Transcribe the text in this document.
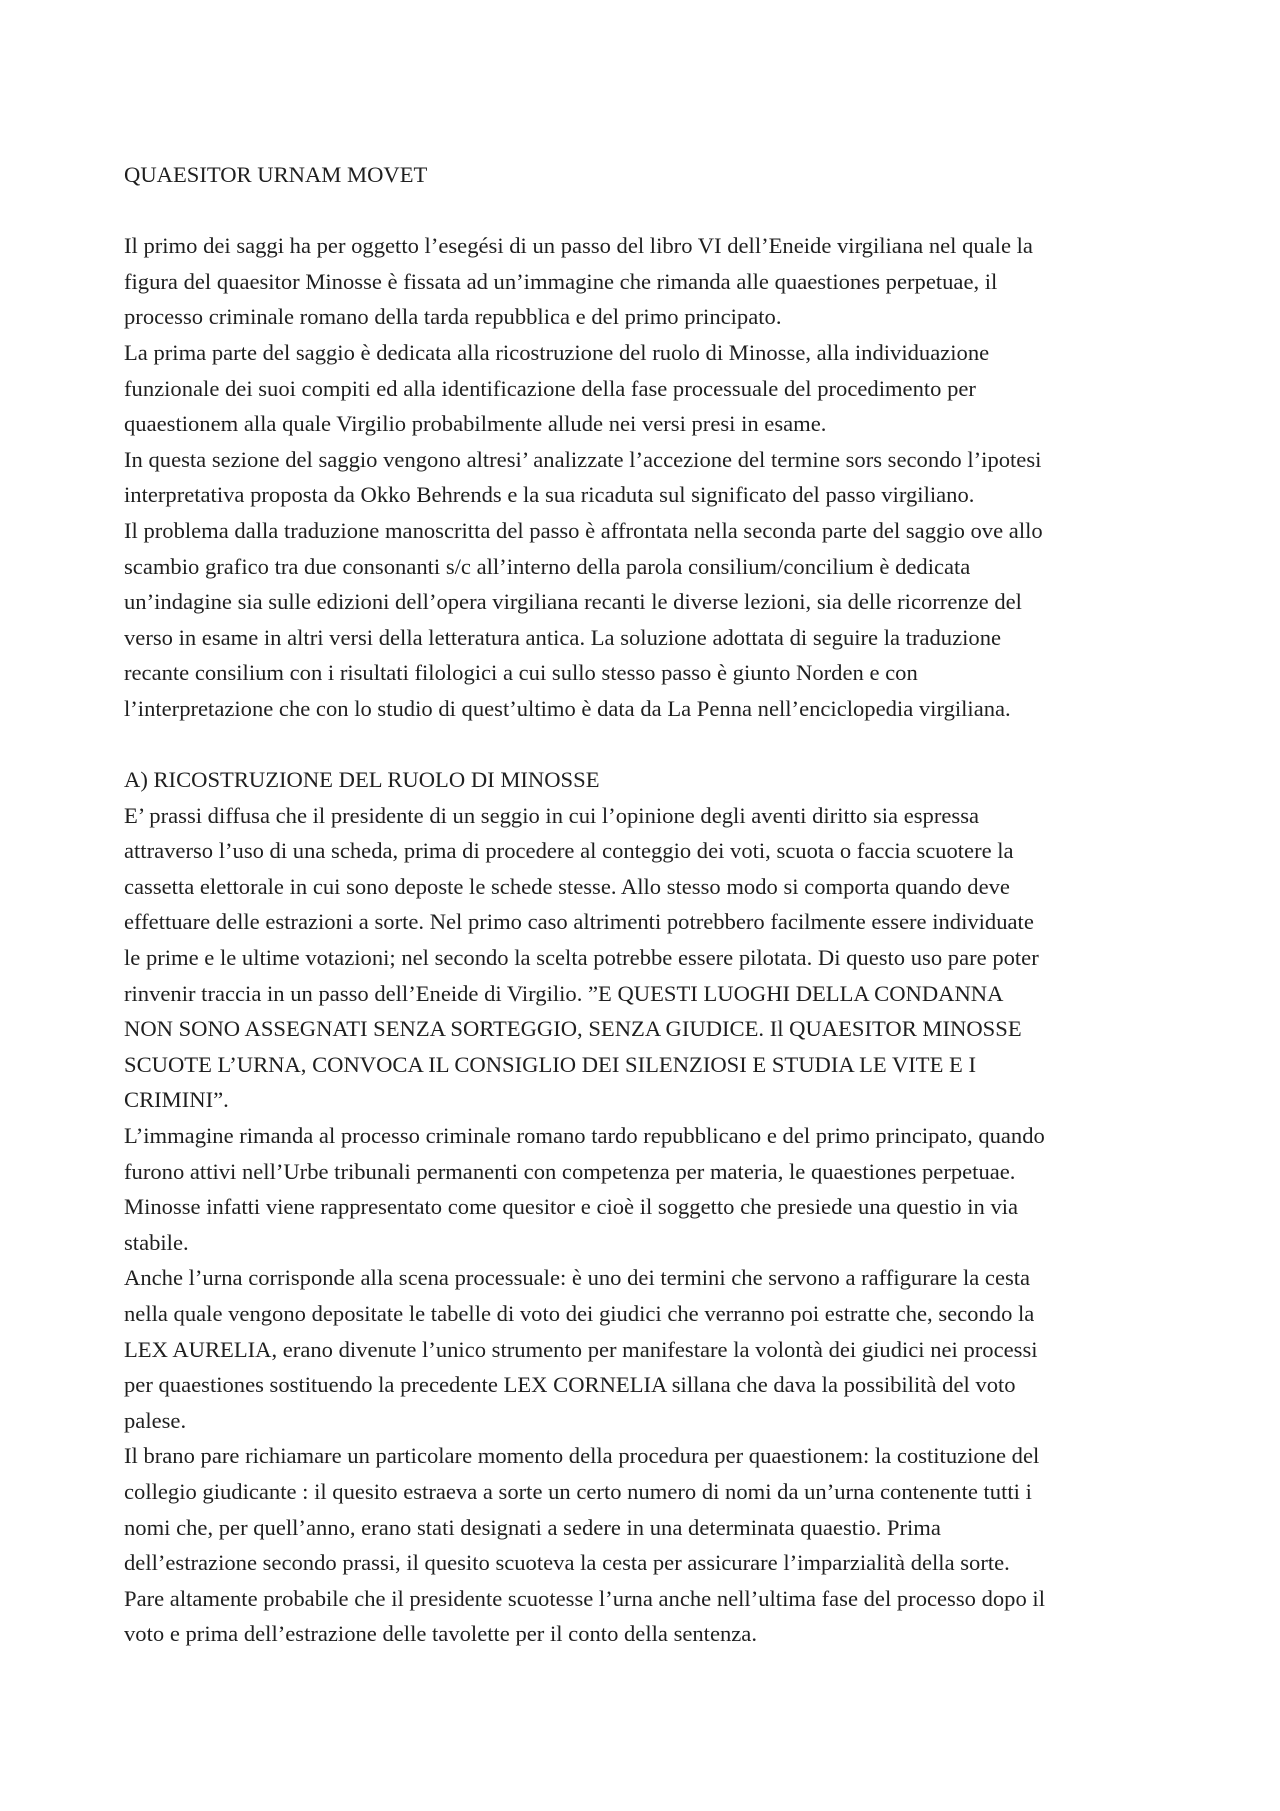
QUAESITOR URNAM MOVET
Il primo dei saggi ha per oggetto l’esegési di un passo del libro VI dell’Eneide virgiliana nel quale la
figura del quaesitor Minosse è fissata ad un’immagine che rimanda alle quaestiones perpetuae, il
processo criminale romano della tarda repubblica e del primo principato.
La prima parte del saggio è dedicata alla ricostruzione del ruolo di Minosse, alla individuazione
funzionale dei suoi compiti ed alla identificazione della fase processuale del procedimento per
quaestionem alla quale Virgilio probabilmente allude nei versi presi in esame.
In questa sezione del saggio vengono altresi’ analizzate l’accezione del termine sors secondo l’ipotesi
interpretativa proposta da Okko Behrends e la sua ricaduta sul significato del passo virgiliano.
Il problema dalla traduzione manoscritta del passo è affrontata nella seconda parte del saggio ove allo
scambio grafico tra due consonanti s/c all’interno della parola consilium/concilium è dedicata
un’indagine sia sulle edizioni dell’opera virgiliana recanti le diverse lezioni, sia delle ricorrenze del
verso in esame in altri versi della letteratura antica. La soluzione adottata di seguire la traduzione
recante consilium con i risultati filologici a cui sullo stesso passo è giunto Norden e con
l’interpretazione che con lo studio di quest’ultimo è data da La Penna nell’enciclopedia virgiliana.
A) RICOSTRUZIONE DEL RUOLO DI MINOSSE
E’ prassi diffusa che il presidente di un seggio in cui l’opinione degli aventi diritto sia espressa
attraverso l’uso di una scheda, prima di procedere al conteggio dei voti, scuota o faccia scuotere la
cassetta elettorale in cui sono deposte le schede stesse. Allo stesso modo si comporta quando deve
effettuare delle estrazioni a sorte. Nel primo caso altrimenti potrebbero facilmente essere individuate
le prime e le ultime votazioni; nel secondo la scelta potrebbe essere pilotata. Di questo uso pare poter
rinvenir traccia in un passo dell’Eneide di Virgilio. ”E QUESTI LUOGHI DELLA CONDANNA
NON SONO ASSEGNATI SENZA SORTEGGIO, SENZA GIUDICE. Il QUAESITOR MINOSSE
SCUOTE L’URNA, CONVOCA IL CONSIGLIO DEI SILENZIOSI E STUDIA LE VITE E I
CRIMINI”.
L’immagine rimanda al processo criminale romano tardo repubblicano e del primo principato, quando
furono attivi nell’Urbe tribunali permanenti con competenza per materia, le quaestiones perpetuae.
Minosse infatti viene rappresentato come quesitor e cioè il soggetto che presiede una questio in via
stabile.
Anche l’urna corrisponde alla scena processuale: è uno dei termini che servono a raffigurare la cesta
nella quale vengono depositate le tabelle di voto dei giudici che verranno poi estratte che, secondo la
LEX AURELIA, erano divenute l’unico strumento per manifestare la volontà dei giudici nei processi
per quaestiones sostituendo la precedente LEX CORNELIA sillana che dava la possibilità del voto
palese.
Il brano pare richiamare un particolare momento della procedura per quaestionem: la costituzione del
collegio giudicante : il quesito estraeva a sorte un certo numero di nomi da un’urna contenente tutti i
nomi che, per quell’anno, erano stati designati a sedere in una determinata quaestio. Prima
dell’estrazione secondo prassi, il quesito scuoteva la cesta per assicurare l’imparzialità della sorte.
Pare altamente probabile che il presidente scuotesse l’urna anche nell’ultima fase del processo dopo il
voto e prima dell’estrazione delle tavolette per il conto della sentenza.
